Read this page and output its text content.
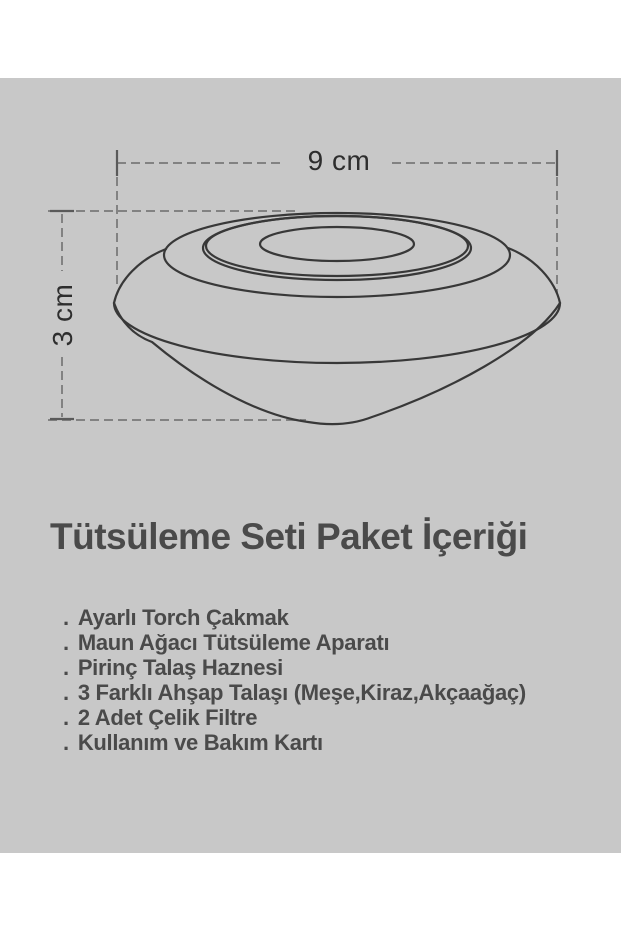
9 cm
3 cm
Tütsüleme Seti Paket İçeriği
. Ayarlı Torch Çakmak
. Maun Ağacı Tütsüleme Aparatı
. Pirinç Talaş Haznesi
. 3 Farklı Ahşap Talaşı (Meşe,Kiraz,Akçaağaç)
. 2 Adet Çelik Filtre
. Kullanım ve Bakım Kartı
